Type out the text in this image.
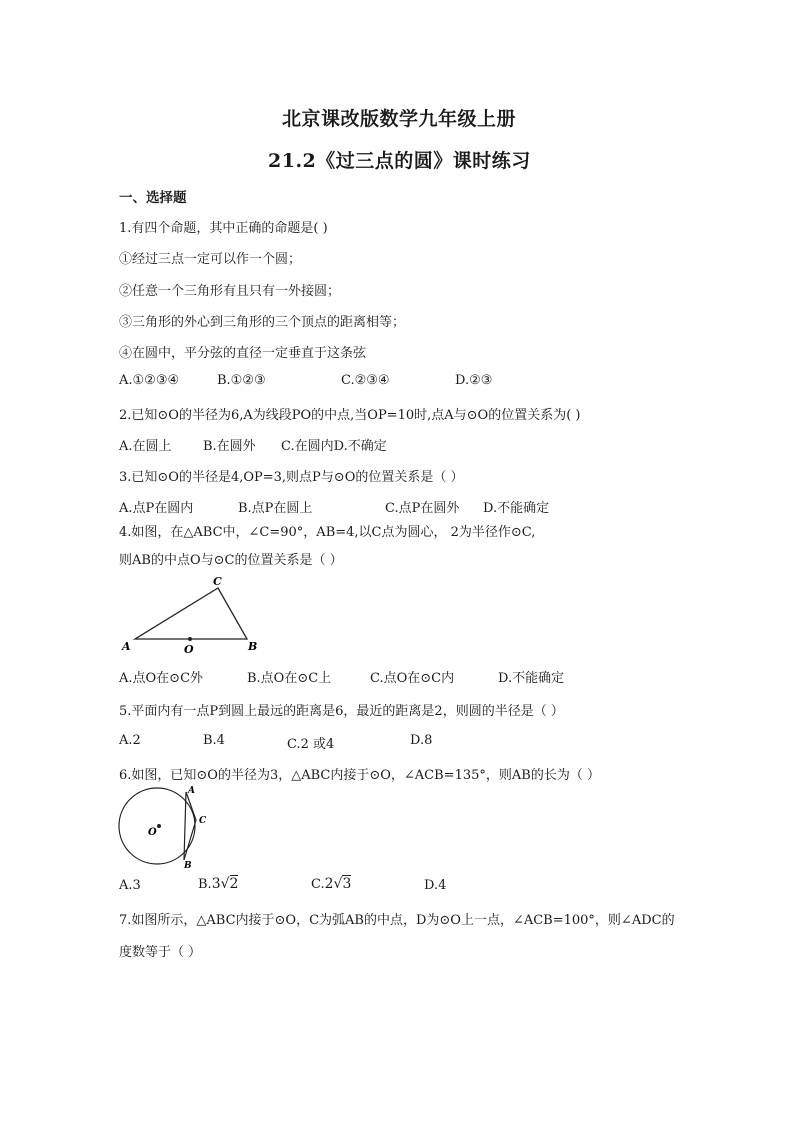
北京课改版数学九年级上册
21.2《过三点的圆》课时练习
一、选择题
1.有四个命题，其中正确的命题是( )
①经过三点一定可以作一个圆；
②任意一个三角形有且只有一外接圆；
③三角形的外心到三角形的三个顶点的距离相等；
④在圆中，平分弦的直径一定垂直于这条弦
A.①②③④	B.①②③	C.②③④	D.②③
2.已知⊙O的半径为6,A为线段PO的中点,当OP=10时,点A与⊙O的位置关系为( )
A.在圆上 B.在圆外 C.在圆内D.不确定
3.已知⊙O的半径是4,OP=3,则点P与⊙O的位置关系是（ ）
A.点P在圆内	B.点P在圆上	C.点P在圆外 D.不能确定
4.如图，在△ABC中，∠C=90°，AB=4,以C点为圆心， 2为半径作⊙C,
则AB的中点O与⊙C的位置关系是（ ）
A
C
B
O
A.点O在⊙C外	B.点O在⊙C上	C.点O在⊙C内	D.不能确定
5.平面内有一点P到圆上最远的距离是6，最近的距离是2，则圆的半径是（ ）
A.2	B.4	C.2 或4	D.8
6.如图，已知⊙O的半径为3，△ABC内接于⊙O，∠ACB=135°，则AB的长为（ ）
A
C
B
O
A.3	B.3√2	C.2√3	D.4
7.如图所示，△ABC内接于⊙O，C为弧AB的中点，D为⊙O上一点，∠ACB=100°，则∠ADC的
度数等于（ ）
